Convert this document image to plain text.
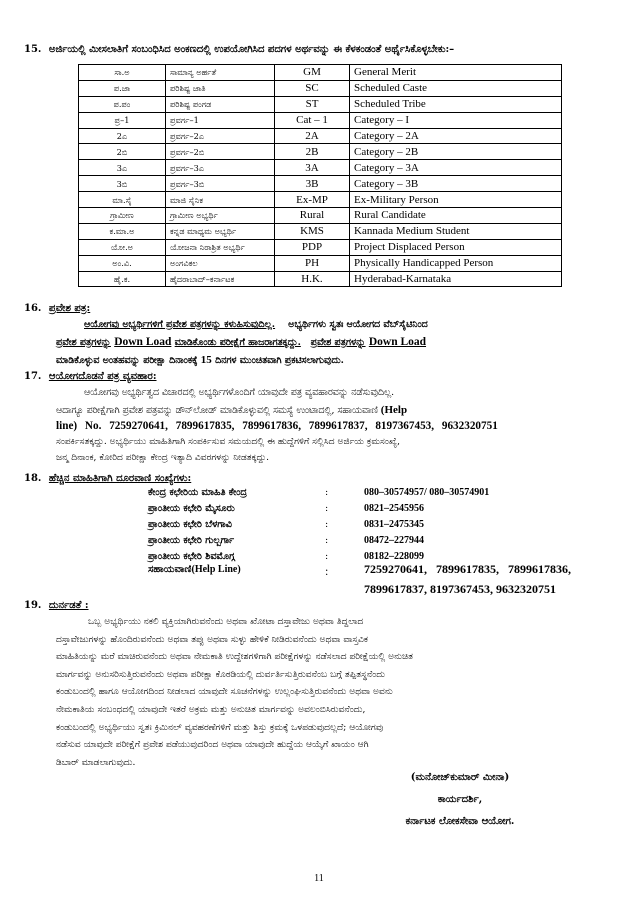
15. ಅರ್ಜಿಯಲ್ಲಿ ಮೀಸಲಾತಿಗೆ ಸಂಬಂಧಿಸಿದ ಅಂಕಣದಲ್ಲಿ ಉಪಯೋಗಿಸಿದ ಪದಗಳ ಅರ್ಥವನ್ನು ಈ ಕೆಳಕಂಡಂತೆ ಅರ್ಥೈಸಿಕೊಳ್ಳಬೇಕು:–
ಸಾ.ಅ	ಸಾಮಾನ್ಯ ಅರ್ಹತೆ	GM	General Merit
ಪ.ಜಾ	ಪರಿಶಿಷ್ಟ ಜಾತಿ	SC	Scheduled Caste
ಪ.ಪಂ	ಪರಿಶಿಷ್ಟ ಪಂಗಡ	ST	Scheduled Tribe
ಪ್ರ–1	ಪ್ರವರ್ಗ–1	Cat – 1	Category – I
2ಎ	ಪ್ರವರ್ಗ–2ಎ	2A	Category – 2A
2ಬಿ	ಪ್ರವರ್ಗ–2ಬಿ	2B	Category – 2B
3ಎ	ಪ್ರವರ್ಗ–3ಎ	3A	Category – 3A
3ಬಿ	ಪ್ರವರ್ಗ–3ಬಿ	3B	Category – 3B
ಮಾ.ಸೈ	ಮಾಜಿ ಸೈನಿಕ	Ex-MP	Ex-Military Person
ಗ್ರಾಮೀಣ	ಗ್ರಾಮೀಣ ಅಭ್ಯರ್ಥಿ	Rural	Rural Candidate
ಕ.ಮಾ.ಅ	ಕನ್ನಡ ಮಾಧ್ಯಮ ಅಭ್ಯರ್ಥಿ	KMS	Kannada Medium Student
ಯೋ.ಅ	ಯೋಜನಾ ನಿರಾಶ್ರಿತ ಅಭ್ಯರ್ಥಿ	PDP	Project Displaced Person
ಅಂ.ವಿ.	ಅಂಗವಿಕಲ	PH	Physically Handicapped Person
ಹೈ.ಕ.	ಹೈದರಾಬಾದ್–ಕರ್ನಾಟಕ	H.K.	Hyderabad-Karnataka
16. ಪ್ರವೇಶ ಪತ್ರ:
ಆಯೋಗವು ಅಭ್ಯರ್ಥಿಗಳಿಗೆ ಪ್ರವೇಶ ಪತ್ರಗಳನ್ನು ಕಳುಹಿಸುವುದಿಲ್ಲ. ಅಭ್ಯರ್ಥಿಗಳು ಸ್ವತಃ ಆಯೋಗದ ವೆಬ್‌ಸೈಟಿನಿಂದ
ಪ್ರವೇಶ ಪತ್ರಗಳನ್ನು Down Load ಮಾಡಿಕೊಂಡು ಪರೀಕ್ಷೆಗೆ ಹಾಜರಾಗತಕ್ಕದ್ದು. ಪ್ರವೇಶ ಪತ್ರಗಳನ್ನು Down Load
ಮಾಡಿಕೊಳ್ಳುವ ಅಂತಹವನ್ನು ಪರೀಕ್ಷಾ ದಿನಾಂಕಕ್ಕೆ 15 ದಿನಗಳ ಮುಂಚಿತವಾಗಿ ಪ್ರಕಟಿಸಲಾಗುವುದು.
17. ಆಯೋಗದೊಡನೆ ಪತ್ರ ವ್ಯವಹಾರ:
ಆಯೋಗವು ಅಭ್ಯರ್ಥಿತ್ವದ ವಿಚಾರದಲ್ಲಿ ಅಭ್ಯರ್ಥಿಗಳೊಂದಿಗೆ ಯಾವುದೇ ಪತ್ರ ವ್ಯವಹಾರವನ್ನು ನಡೆಸುವುದಿಲ್ಲ.
ಆದಾಗ್ಯೂ ಪರೀಕ್ಷೆಗಾಗಿ ಪ್ರವೇಶ ಪತ್ರವನ್ನು ಡೌನ್‌ಲೋಡ್ ಮಾಡಿಕೊಳ್ಳುವಲ್ಲಿ ಸಮಸ್ಯೆ ಉಂಟಾದಲ್ಲಿ, ಸಹಾಯವಾಣಿ (Help
line) No. 7259270641, 7899617835, 7899617836, 7899617837, 8197367453, 9632320751
ಸಂಪರ್ಕಿಸತಕ್ಕದ್ದು. ಅಭ್ಯರ್ಥಿಯು ಮಾಹಿತಿಗಾಗಿ ಸಂಪರ್ಕಿಸುವ ಸಮಯದಲ್ಲಿ ಈ ಹುದ್ದೆಗಳಿಗೆ ಸಲ್ಲಿಸಿದ ಅರ್ಜಿಯ ಕ್ರಮಸಂಖ್ಯೆ,
ಜನ್ಮ ದಿನಾಂಕ, ಕೋರಿದ ಪರೀಕ್ಷಾ ಕೇಂದ್ರ ಇತ್ಯಾದಿ ವಿವರಗಳನ್ನು ನೀಡತಕ್ಕದ್ದು.
18. ಹೆಚ್ಚಿನ ಮಾಹಿತಿಗಾಗಿ ದೂರವಾಣಿ ಸಂಖ್ಯೆಗಳು:
ಕೇಂದ್ರ ಕಛೇರಿಯ ಮಾಹಿತಿ ಕೇಂದ್ರ	:	080–30574957/ 080–30574901
ಪ್ರಾಂತೀಯ ಕಛೇರಿ ಮೈಸೂರು	:	0821–2545956
ಪ್ರಾಂತೀಯ ಕಛೇರಿ ಬೆಳಗಾವಿ	:	0831–2475345
ಪ್ರಾಂತೀಯ ಕಛೇರಿ ಗುಲ್ಬರ್ಗಾ	:	08472–227944
ಪ್ರಾಂತೀಯ ಕಛೇರಿ ಶಿವಮೊಗ್ಗ	:	08182–228099
ಸಹಾಯವಾಣಿ(Help Line)	:	7259270641, 7899617835, 7899617836,
7899617837, 8197367453, 9632320751
19. ದುರ್ನಡತೆ :
ಒಬ್ಬ ಅಭ್ಯರ್ಥಿಯು ನಕಲಿ ವ್ಯಕ್ತಿಯಾಗಿರುವನೆಂದು ಅಥವಾ ಖೋಟಾ ದಸ್ತಾವೇಜು ಅಥವಾ ತಿದ್ದಲಾದ
ದಸ್ತಾವೇಜುಗಳನ್ನು ಹೊಂದಿರುವನೆಂದು ಅಥವಾ ತಪ್ಪು ಅಥವಾ ಸುಳ್ಳು ಹೇಳಿಕೆ ನೀಡಿರುವನೆಂದು ಅಥವಾ ವಾಸ್ತವಿಕ
ಮಾಹಿತಿಯನ್ನು ಮರೆ ಮಾಚಿರುವನೆಂದು ಅಥವಾ ನೇಮಕಾತಿ ಉದ್ದೇಶಗಳಿಗಾಗಿ ಪರೀಕ್ಷೆಗಳನ್ನು ನಡೆಸಲಾದ ಪರೀಕ್ಷೆಯಲ್ಲಿ ಅನುಚಿತ
ಮಾರ್ಗವನ್ನು ಅನುಸರಿಸುತ್ತಿರುವನೆಂದು ಅಥವಾ ಪರೀಕ್ಷಾ ಕೊಠಡಿಯಲ್ಲಿ ದುರ್ವರ್ತಿಸುತ್ತಿರುವನೆಂಬ ಬಗ್ಗೆ ತಪ್ಪಿತಸ್ಥನೆಂದು
ಕಂಡುಬಂದಲ್ಲಿ ಹಾಗೂ ಆಯೋಗದಿಂದ ನೀಡಲಾದ ಯಾವುದೇ ಸೂಚನೆಗಳನ್ನು ಉಲ್ಲಂಘಿಸುತ್ತಿರುವನೆಂದು ಅಥವಾ ಅವನು
ನೇಮಕಾತಿಯ ಸಂಬಂಧದಲ್ಲಿ ಯಾವುದೇ ಇತರೆ ಅಕ್ರಮ ಮತ್ತು ಅನುಚಿತ ಮಾರ್ಗವನ್ನು ಅವಲಂಬಿಸಿರುವನೆಂದು,
ಕಂಡುಬಂದಲ್ಲಿ ಅಭ್ಯರ್ಥಿಯು ಸ್ವತಃ ಕ್ರಿಮಿನಲ್ ವ್ಯವಹರಣೆಗಳಿಗೆ ಮತ್ತು ಶಿಸ್ತು ಕ್ರಮಕ್ಕೆ ಒಳಪಡುವುದಲ್ಲದೆ; ಆಯೋಗವು
ನಡೆಸುವ ಯಾವುದೇ ಪರೀಕ್ಷೆಗೆ ಪ್ರವೇಶ ಪಡೆಯುವುದರಿಂದ ಅಥವಾ ಯಾವುದೇ ಹುದ್ದೆಯ ಆಯ್ಕೆಗೆ ಖಾಯಂ ಆಗಿ
ಡಿಬಾರ್ ಮಾಡಲಾಗುವುದು.
(ಮನೋಜ್‌ಕುಮಾರ್ ಮೀನಾ)
ಕಾರ್ಯದರ್ಶಿ,
ಕರ್ನಾಟಕ ಲೋಕಸೇವಾ ಆಯೋಗ.
11
